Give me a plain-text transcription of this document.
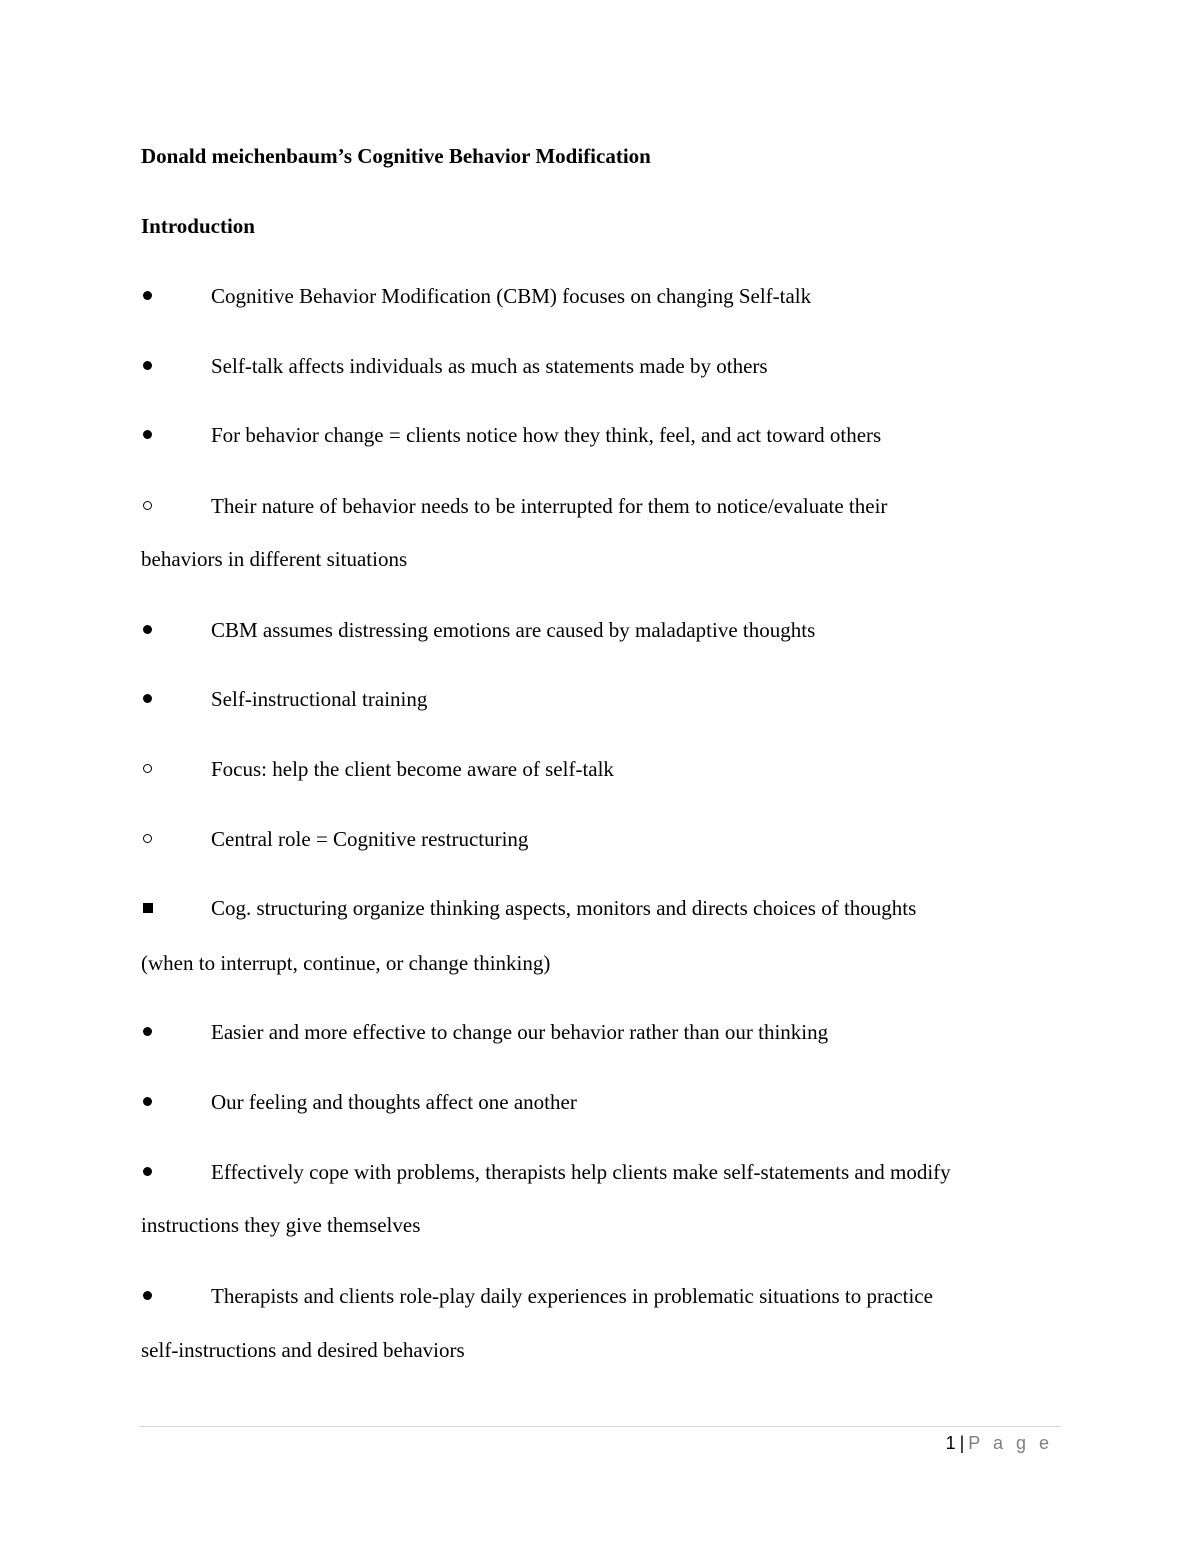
Donald meichenbaum’s Cognitive Behavior Modification
Introduction
Cognitive Behavior Modification (CBM) focuses on changing Self-talk
Self-talk affects individuals as much as statements made by others
For behavior change = clients notice how they think, feel, and act toward others
Their nature of behavior needs to be interrupted for them to notice/evaluate their
behaviors in different situations
CBM assumes distressing emotions are caused by maladaptive thoughts
Self-instructional training
Focus: help the client become aware of self-talk
Central role = Cognitive restructuring
Cog. structuring organize thinking aspects, monitors and directs choices of thoughts
(when to interrupt, continue, or change thinking)
Easier and more effective to change our behavior rather than our thinking
Our feeling and thoughts affect one another
Effectively cope with problems, therapists help clients make self-statements and modify
instructions they give themselves
Therapists and clients role-play daily experiences in problematic situations to practice
self-instructions and desired behaviors
1 | P a g e
